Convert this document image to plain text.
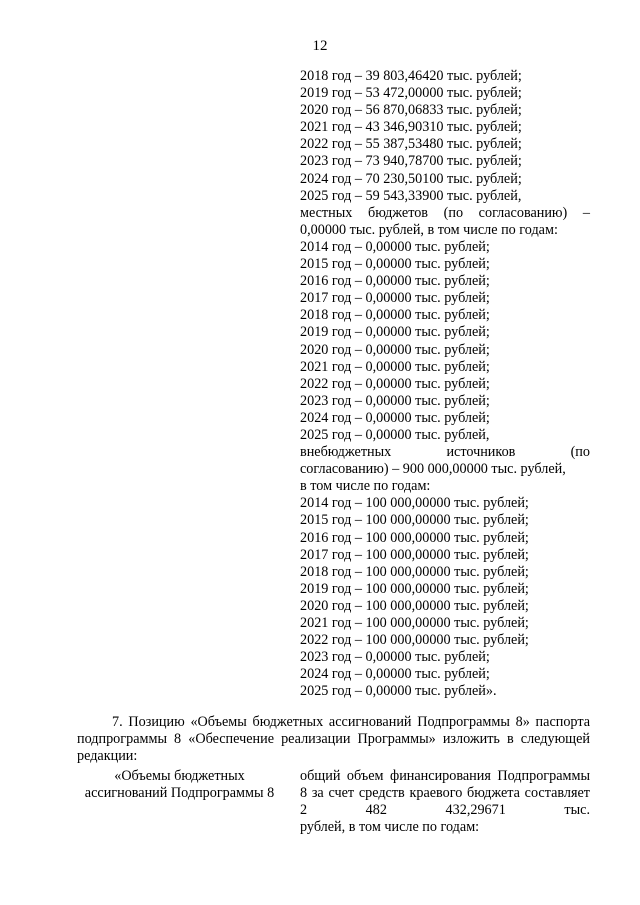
12
2018 год – 39 803,46420 тыс. рублей;
2019 год – 53 472,00000 тыс. рублей;
2020 год – 56 870,06833 тыс. рублей;
2021 год – 43 346,90310 тыс. рублей;
2022 год – 55 387,53480 тыс. рублей;
2023 год – 73 940,78700 тыс. рублей;
2024 год – 70 230,50100 тыс. рублей;
2025 год – 59 543,33900 тыс. рублей,
местных бюджетов (по согласованию) –
0,00000 тыс. рублей, в том числе по годам:
2014 год – 0,00000 тыс. рублей;
2015 год – 0,00000 тыс. рублей;
2016 год – 0,00000 тыс. рублей;
2017 год – 0,00000 тыс. рублей;
2018 год – 0,00000 тыс. рублей;
2019 год – 0,00000 тыс. рублей;
2020 год – 0,00000 тыс. рублей;
2021 год – 0,00000 тыс. рублей;
2022 год – 0,00000 тыс. рублей;
2023 год – 0,00000 тыс. рублей;
2024 год – 0,00000 тыс. рублей;
2025 год – 0,00000 тыс. рублей,
внебюджетных источников (по
согласованию) – 900 000,00000 тыс. рублей,
в том числе по годам:
2014 год – 100 000,00000 тыс. рублей;
2015 год – 100 000,00000 тыс. рублей;
2016 год – 100 000,00000 тыс. рублей;
2017 год – 100 000,00000 тыс. рублей;
2018 год – 100 000,00000 тыс. рублей;
2019 год – 100 000,00000 тыс. рублей;
2020 год – 100 000,00000 тыс. рублей;
2021 год – 100 000,00000 тыс. рублей;
2022 год – 100 000,00000 тыс. рублей;
2023 год – 0,00000 тыс. рублей;
2024 год – 0,00000 тыс. рублей;
2025 год – 0,00000 тыс. рублей».
7. Позицию «Объемы бюджетных ассигнований Подпрограммы 8» паспорта подпрограммы 8 «Обеспечение реализации Программы» изложить в следующей редакции:
«Объемы бюджетных ассигнований Подпрограммы 8
общий объем финансирования Подпрограммы 8 за счет средств краевого бюджета составляет 2 482 432,29671 тыс.
рублей, в том числе по годам:
